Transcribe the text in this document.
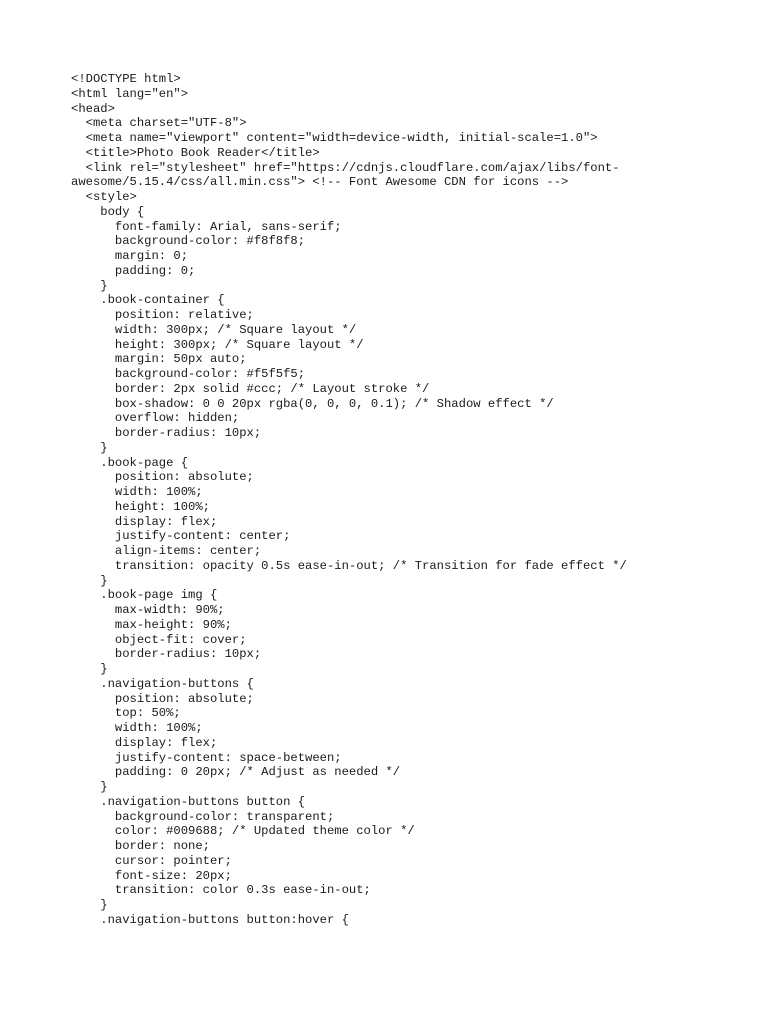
<!DOCTYPE html>
<html lang="en">
<head>
<meta charset="UTF-8">
<meta name="viewport" content="width=device-width, initial-scale=1.0">
<title>Photo Book Reader</title>
<link rel="stylesheet" href="https://cdnjs.cloudflare.com/ajax/libs/font-
awesome/5.15.4/css/all.min.css"> <!-- Font Awesome CDN for icons -->
<style>
body {
font-family: Arial, sans-serif;
background-color: #f8f8f8;
margin: 0;
padding: 0;
}
.book-container {
position: relative;
width: 300px; /* Square layout */
height: 300px; /* Square layout */
margin: 50px auto;
background-color: #f5f5f5;
border: 2px solid #ccc; /* Layout stroke */
box-shadow: 0 0 20px rgba(0, 0, 0, 0.1); /* Shadow effect */
overflow: hidden;
border-radius: 10px;
}
.book-page {
position: absolute;
width: 100%;
height: 100%;
display: flex;
justify-content: center;
align-items: center;
transition: opacity 0.5s ease-in-out; /* Transition for fade effect */
}
.book-page img {
max-width: 90%;
max-height: 90%;
object-fit: cover;
border-radius: 10px;
}
.navigation-buttons {
position: absolute;
top: 50%;
width: 100%;
display: flex;
justify-content: space-between;
padding: 0 20px; /* Adjust as needed */
}
.navigation-buttons button {
background-color: transparent;
color: #009688; /* Updated theme color */
border: none;
cursor: pointer;
font-size: 20px;
transition: color 0.3s ease-in-out;
}
.navigation-buttons button:hover {
